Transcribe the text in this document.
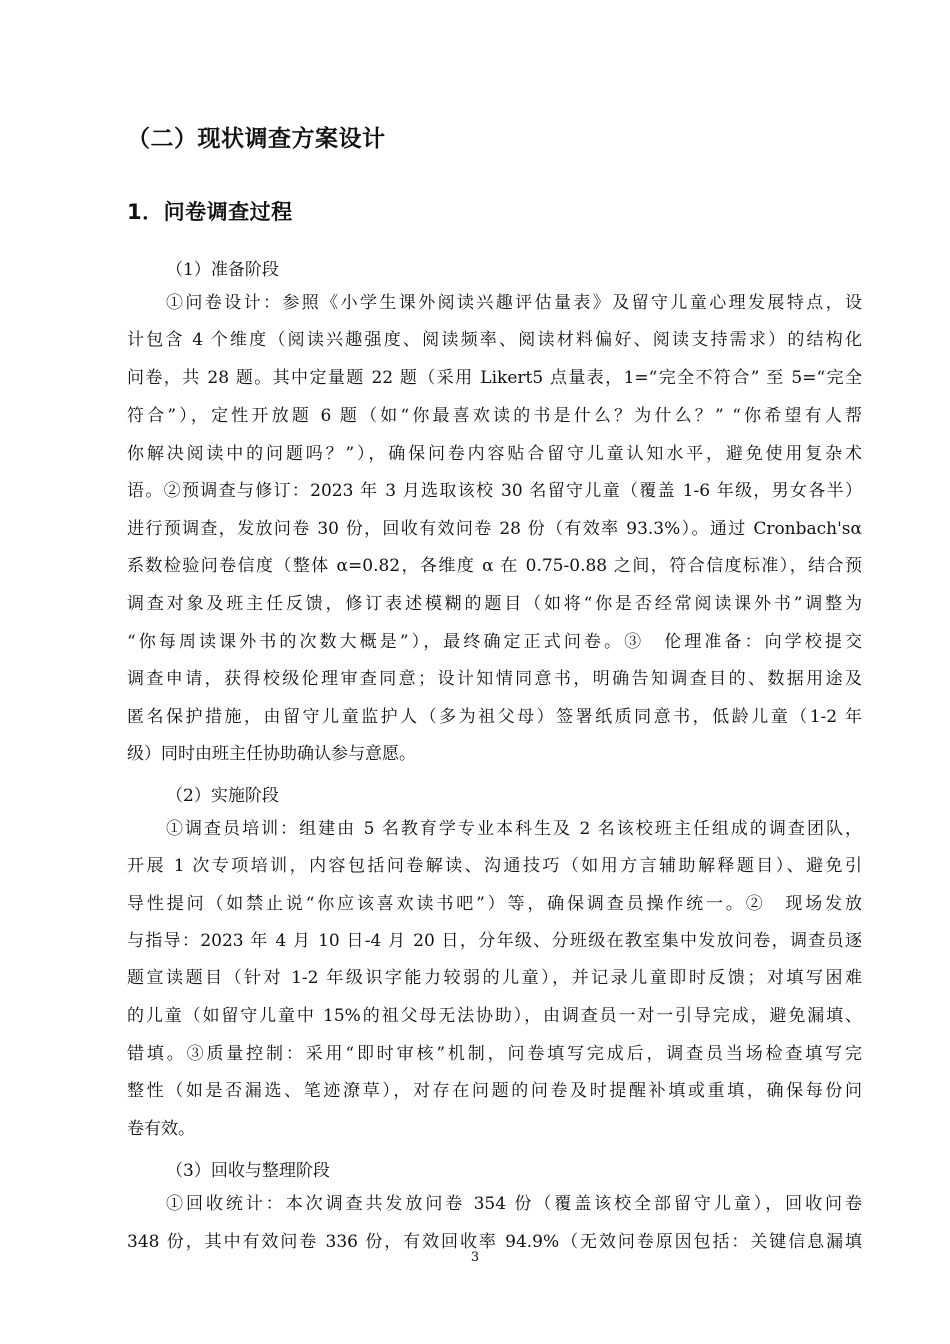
（二）现状调查方案设计
1．问卷调查过程
（1）准备阶段
①问卷设计：参照《小学生课外阅读兴趣评估量表》及留守儿童心理发展特点，设
计包含 4 个维度（阅读兴趣强度、阅读频率、阅读材料偏好、阅读支持需求）的结构化
问卷，共 28 题。其中定量题 22 题（采用 Likert5 点量表，1=“完全不符合” 至 5=“完全
符合”），定性开放题 6 题（如“你最喜欢读的书是什么？为什么？” “你希望有人帮
你解决阅读中的问题吗？”），确保问卷内容贴合留守儿童认知水平，避免使用复杂术
语。②预调查与修订：2023 年 3 月选取该校 30 名留守儿童（覆盖 1-6 年级，男女各半）
进行预调查，发放问卷 30 份，回收有效问卷 28 份（有效率 93.3%）。通过 Cronbach'sα
系数检验问卷信度（整体 α=0.82，各维度 α 在 0.75-0.88 之间，符合信度标准），结合预
调查对象及班主任反馈，修订表述模糊的题目（如将“你是否经常阅读课外书”调整为
“你每周读课外书的次数大概是”），最终确定正式问卷。③　伦理准备：向学校提交
调查申请，获得校级伦理审查同意；设计知情同意书，明确告知调查目的、数据用途及
匿名保护措施，由留守儿童监护人（多为祖父母）签署纸质同意书，低龄儿童（1-2 年
级）同时由班主任协助确认参与意愿。
（2）实施阶段
①调查员培训：组建由 5 名教育学专业本科生及 2 名该校班主任组成的调查团队，
开展 1 次专项培训，内容包括问卷解读、沟通技巧（如用方言辅助解释题目）、避免引
导性提问（如禁止说“你应该喜欢读书吧”）等，确保调查员操作统一。②　现场发放
与指导：2023 年 4 月 10 日-4 月 20 日，分年级、分班级在教室集中发放问卷，调查员逐
题宣读题目（针对 1-2 年级识字能力较弱的儿童），并记录儿童即时反馈；对填写困难
的儿童（如留守儿童中 15%的祖父母无法协助），由调查员一对一引导完成，避免漏填、
错填。③质量控制：采用“即时审核”机制，问卷填写完成后，调查员当场检查填写完
整性（如是否漏选、笔迹潦草），对存在问题的问卷及时提醒补填或重填，确保每份问
卷有效。
（3）回收与整理阶段
①回收统计：本次调查共发放问卷 354 份（覆盖该校全部留守儿童），回收问卷
348 份，其中有效问卷 336 份，有效回收率 94.9%（无效问卷原因包括：关键信息漏填
3
